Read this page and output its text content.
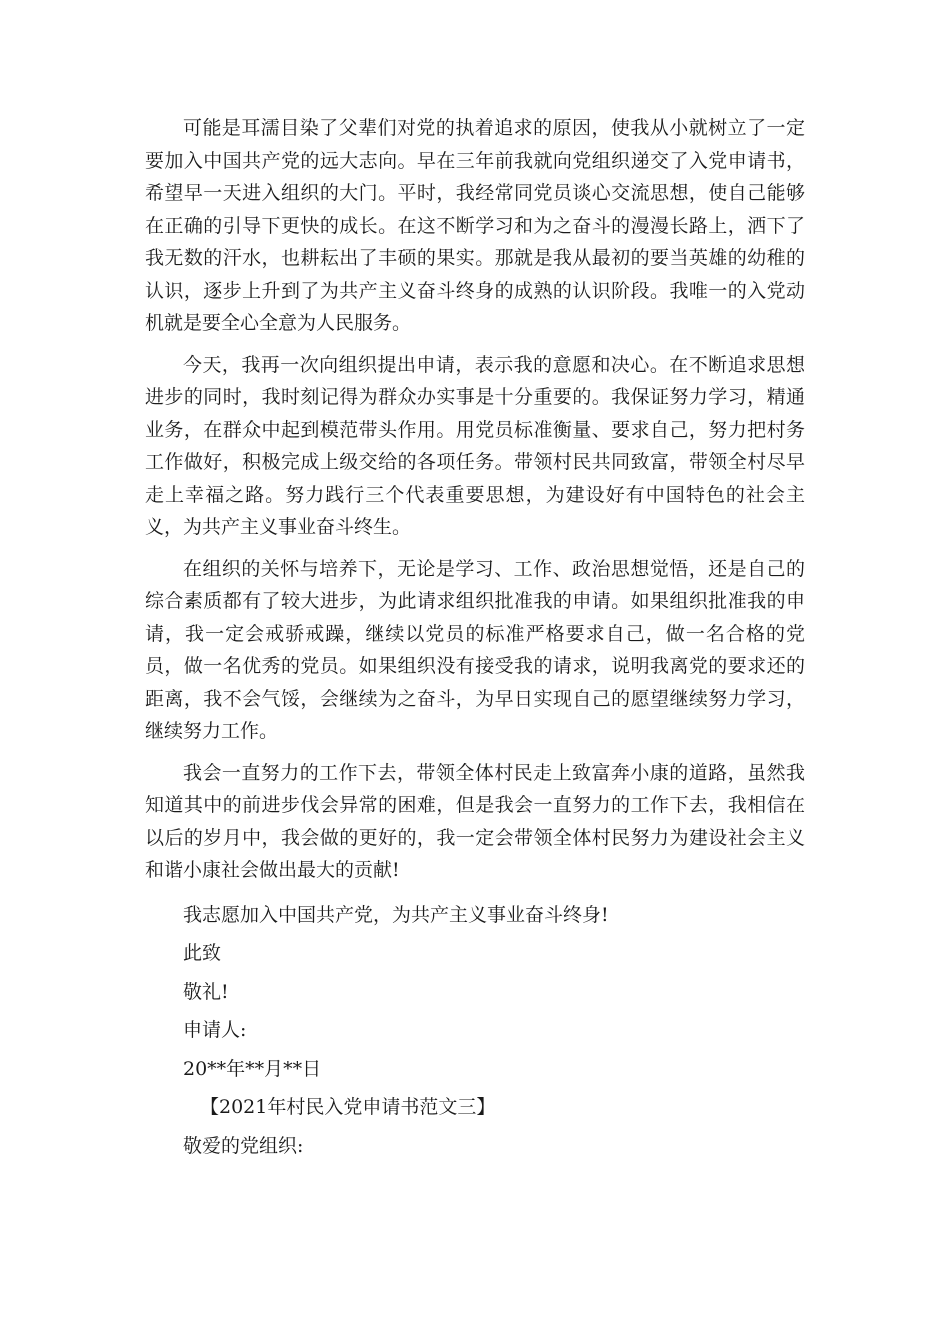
可能是耳濡目染了父辈们对党的执着追求的原因，使我从小就树立了一定要加入中国共产党的远大志向。早在三年前我就向党组织递交了入党申请书，希望早一天进入组织的大门。平时，我经常同党员谈心交流思想，使自己能够在正确的引导下更快的成长。在这不断学习和为之奋斗的漫漫长路上，洒下了我无数的汗水，也耕耘出了丰硕的果实。那就是我从最初的要当英雄的幼稚的认识，逐步上升到了为共产主义奋斗终身的成熟的认识阶段。我唯一的入党动机就是要全心全意为人民服务。

今天，我再一次向组织提出申请，表示我的意愿和决心。在不断追求思想进步的同时，我时刻记得为群众办实事是十分重要的。我保证努力学习，精通业务，在群众中起到模范带头作用。用党员标准衡量、要求自己，努力把村务工作做好，积极完成上级交给的各项任务。带领村民共同致富，带领全村尽早走上幸福之路。努力践行三个代表重要思想，为建设好有中国特色的社会主义，为共产主义事业奋斗终生。

在组织的关怀与培养下，无论是学习、工作、政治思想觉悟，还是自己的综合素质都有了较大进步，为此请求组织批准我的申请。如果组织批准我的申请，我一定会戒骄戒躁，继续以党员的标准严格要求自己，做一名合格的党员，做一名优秀的党员。如果组织没有接受我的请求，说明我离党的要求还的距离，我不会气馁，会继续为之奋斗，为早日实现自己的愿望继续努力学习，继续努力工作。

我会一直努力的工作下去，带领全体村民走上致富奔小康的道路，虽然我知道其中的前进步伐会异常的困难，但是我会一直努力的工作下去，我相信在以后的岁月中，我会做的更好的，我一定会带领全体村民努力为建设社会主义和谐小康社会做出最大的贡献!

我志愿加入中国共产党，为共产主义事业奋斗终身!

此致

敬礼!

申请人:

20**年**月**日

【2021年村民入党申请书范文三】

敬爱的党组织:
